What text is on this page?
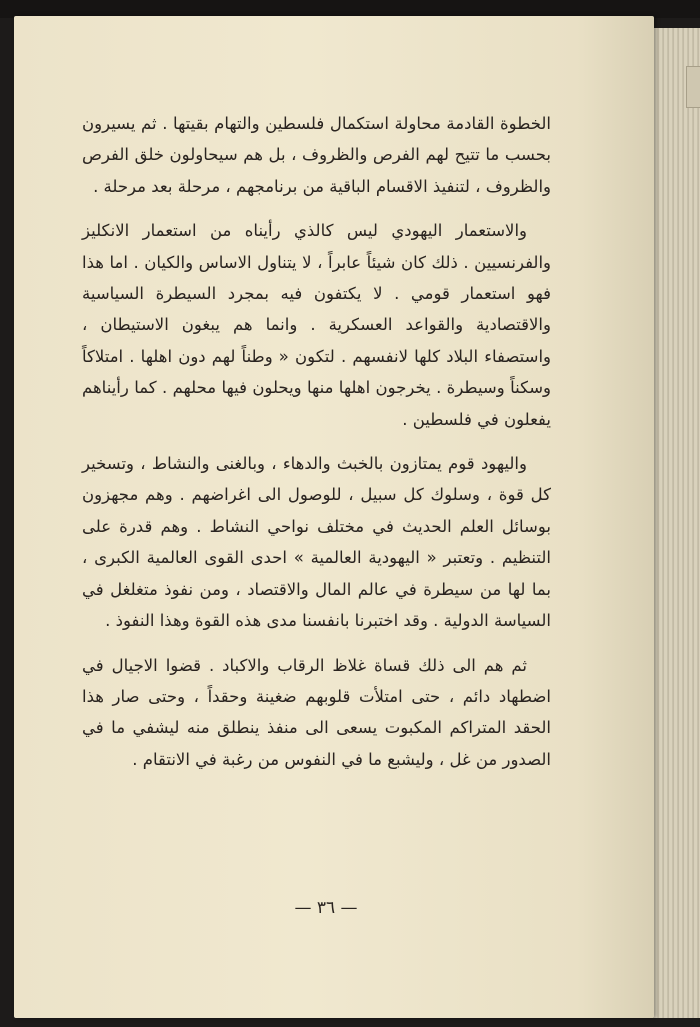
الخطوة القادمة محاولة استكمال فلسطين والتهام بقيتها . ثم يسيرون بحسب ما تتيح لهم الفرص والظروف ، بل هم سيحاولون خلق الفرص والظروف ، لتنفيذ الاقسام الباقية من برنامجهم ، مرحلة بعد مرحلة .

والاستعمار اليهودي ليس كالذي رأيناه من استعمار الانكليز والفرنسيين . ذلك كان شيئاً عابراً ، لا يتناول الاساس والكيان . اما هذا فهو استعمار قومي . لا يكتفون فيه بمجرد السيطرة السياسية والاقتصادية والقواعد العسكرية . وانما هم يبغون الاستيطان ، واستصفاء البلاد كلها لانفسهم . لتكون « وطناً لهم دون اهلها . امتلاكاً وسكناً وسيطرة . يخرجون اهلها منها ويحلون فيها محلهم . كما رأيناهم يفعلون في فلسطين .

واليهود قوم يمتازون بالخبث والدهاء ، وبالغنى والنشاط ، وتسخير كل قوة ، وسلوك كل سبيل ، للوصول الى اغراضهم . وهم مجهزون بوسائل العلم الحديث في مختلف نواحي النشاط . وهم قدرة على التنظيم . وتعتبر « اليهودية العالمية » احدى القوى العالمية الكبرى ، بما لها من سيطرة في عالم المال والاقتصاد ، ومن نفوذ متغلغل في السياسة الدولية . وقد اختبرنا بانفسنا مدى هذه القوة وهذا النفوذ .

ثم هم الى ذلك قساة غلاظ الرقاب والاكباد . قضوا الاجيال في اضطهاد دائم ، حتى امتلأت قلوبهم ضغينة وحقداً ، وحتى صار هذا الحقد المتراكم المكبوت يسعى الى منفذ ينطلق منه ليشفي ما في الصدور من غل ، وليشبع ما في النفوس من رغبة في الانتقام .

— ٣٦ —
